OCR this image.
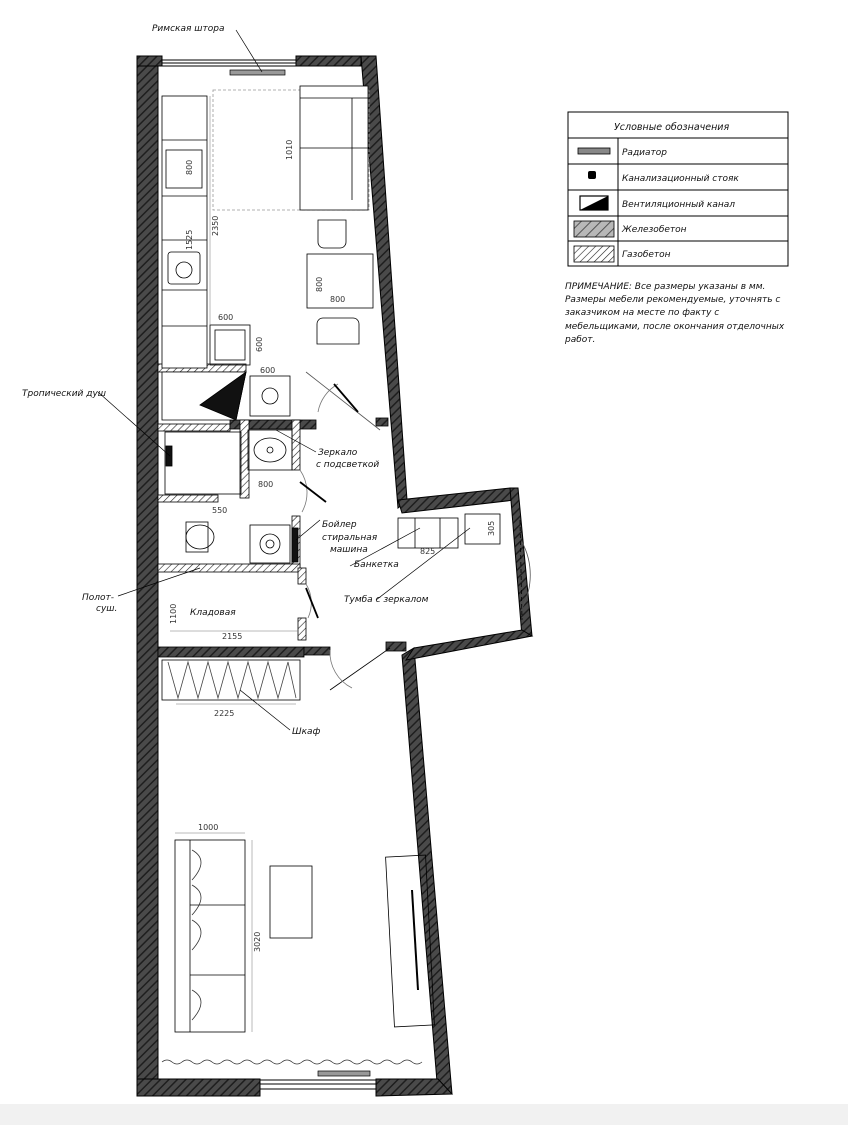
Римская штора
Тропический душ
Полот-
суш.
Зеркало
с подсветкой
Бойлер
стиральная
машина
Банкетка
Тумба с зеркалом
Кладовая
Шкаф
800
2350
1525
600
600
600
1010
800
800
800
550
1100
2155
2225
825
305
1000
3020
Условные обозначения
Радиатор
Канализационный стояк
Вентиляционный канал
Железобетон
Газобетон
ПРИМЕЧАНИЕ: Все размеры указаны в мм. Размеры мебели рекомендуемые, уточнять с заказчиком на месте по факту с мебельщиками, после окончания отделочных работ.
